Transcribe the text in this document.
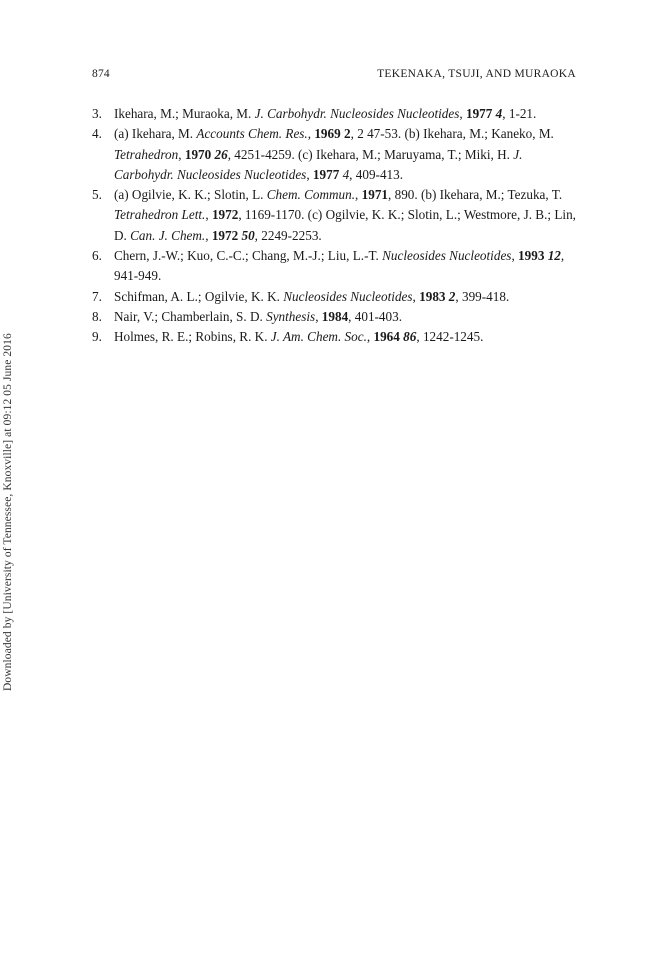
874	TEKENAKA, TSUJI, AND MURAOKA
3. Ikehara, M.; Muraoka, M. J. Carbohydr. Nucleosides Nucleotides, 1977 4, 1-21.
4. (a) Ikehara, M. Accounts Chem. Res., 1969 2, 2 47-53. (b) Ikehara, M.; Kaneko, M. Tetrahedron, 1970 26, 4251-4259. (c) Ikehara, M.; Maruyama, T.; Miki, H. J. Carbohydr. Nucleosides Nucleotides, 1977 4, 409-413.
5. (a) Ogilvie, K. K.; Slotin, L. Chem. Commun., 1971, 890. (b) Ikehara, M.; Tezuka, T. Tetrahedron Lett., 1972, 1169-1170. (c) Ogilvie, K. K.; Slotin, L.; Westmore, J. B.; Lin, D. Can. J. Chem., 1972 50, 2249-2253.
6. Chern, J.-W.; Kuo, C.-C.; Chang, M.-J.; Liu, L.-T. Nucleosides Nucleotides, 1993 12, 941-949.
7. Schifman, A. L.; Ogilvie, K. K. Nucleosides Nucleotides, 1983 2, 399-418.
8. Nair, V.; Chamberlain, S. D. Synthesis, 1984, 401-403.
9. Holmes, R. E.; Robins, R. K. J. Am. Chem. Soc., 1964 86, 1242-1245.
Downloaded by [University of Tennessee, Knoxville] at 09:12 05 June 2016
